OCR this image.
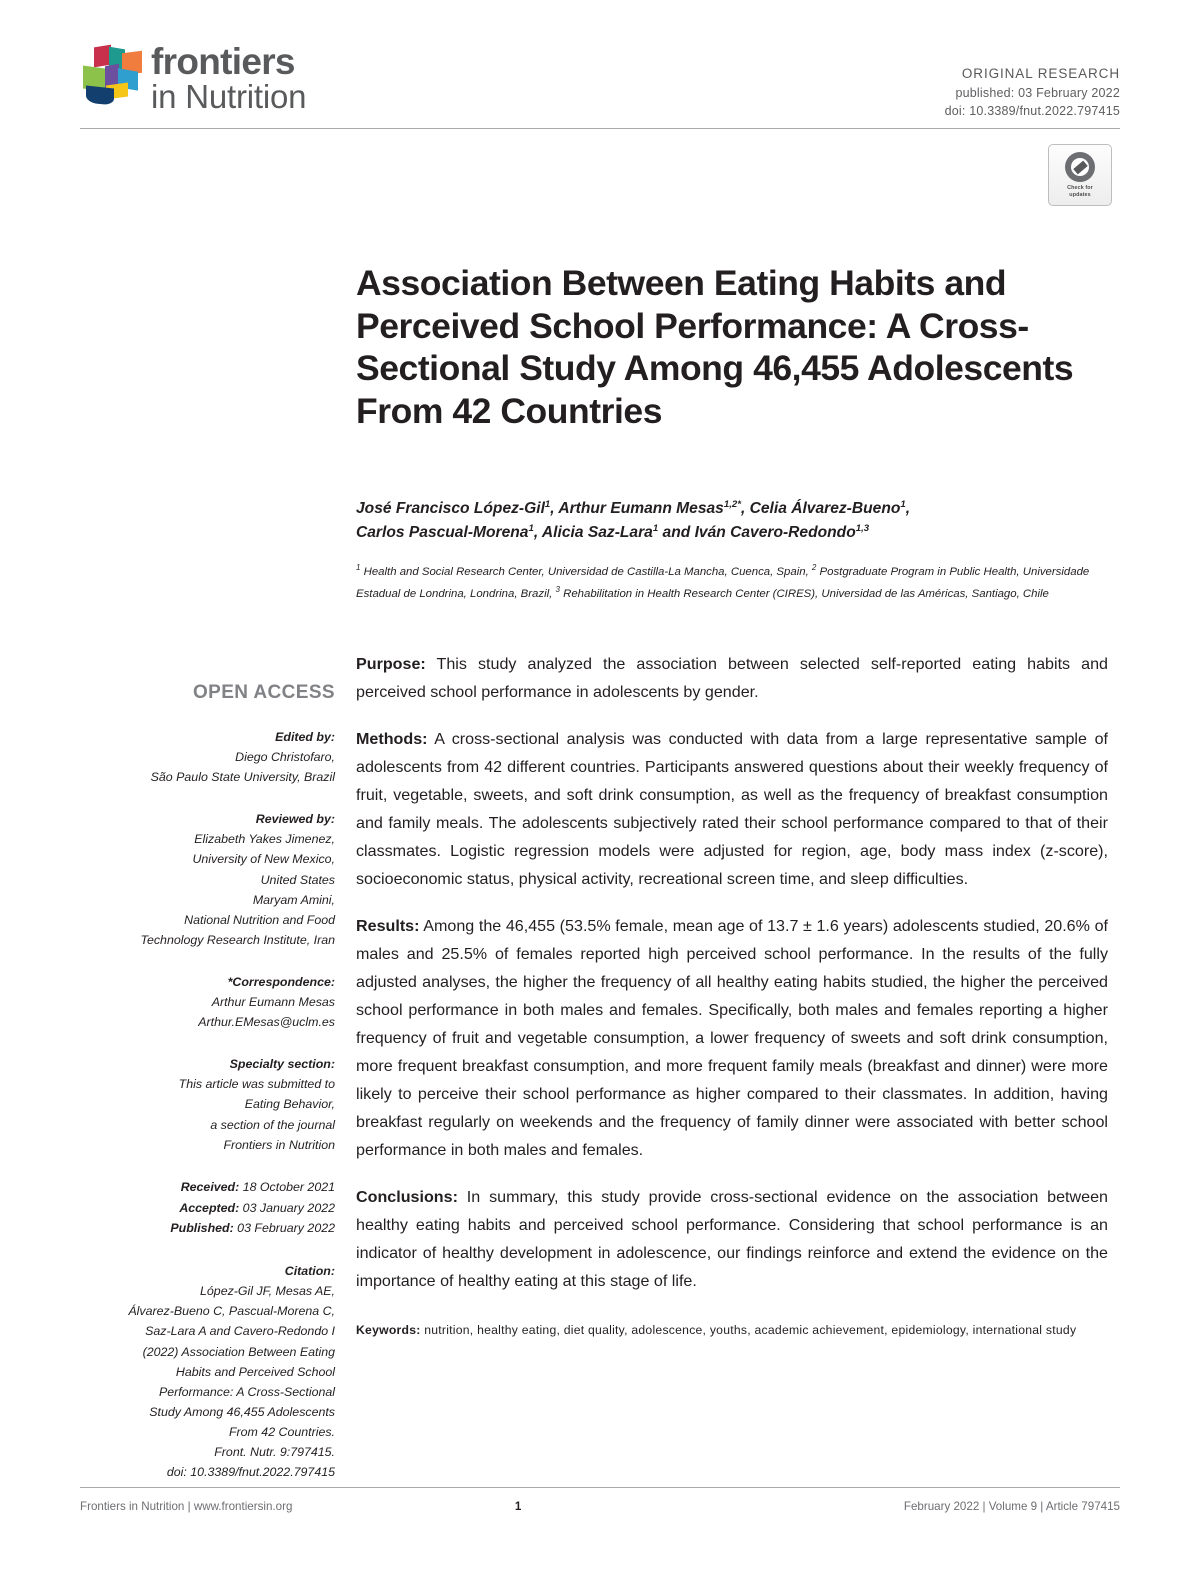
frontiers
in Nutrition
ORIGINAL RESEARCH
published: 03 February 2022
doi: 10.3389/fnut.2022.797415
Check for
updates
Association Between Eating Habits and Perceived School Performance: A Cross-Sectional Study Among 46,455 Adolescents From 42 Countries
José Francisco López-Gil$^1$, Arthur Eumann Mesas$^{1,2*}$, Celia Álvarez-Bueno$^1$,
Carlos Pascual-Morena$^1$, Alicia Saz-Lara$^1$ and Iván Cavero-Redondo$^{1,3}$
$^1$ Health and Social Research Center, Universidad de Castilla-La Mancha, Cuenca, Spain, $^2$ Postgraduate Program in Public Health, Universidade Estadual de Londrina, Londrina, Brazil, $^3$ Rehabilitation in Health Research Center (CIRES), Universidad de las Américas, Santiago, Chile
OPEN ACCESS
Edited by:
Diego Christofaro,
São Paulo State University, Brazil
Reviewed by:
Elizabeth Yakes Jimenez,
University of New Mexico,
United States
Maryam Amini,
National Nutrition and Food
Technology Research Institute, Iran
*Correspondence:
Arthur Eumann Mesas
Arthur.EMesas@uclm.es
Specialty section:
This article was submitted to
Eating Behavior,
a section of the journal
Frontiers in Nutrition
Received: 18 October 2021
Accepted: 03 January 2022
Published: 03 February 2022
Citation:
López-Gil JF, Mesas AE,
Álvarez-Bueno C, Pascual-Morena C,
Saz-Lara A and Cavero-Redondo I
(2022) Association Between Eating
Habits and Perceived School
Performance: A Cross-Sectional
Study Among 46,455 Adolescents
From 42 Countries.
Front. Nutr. 9:797415.
doi: 10.3389/fnut.2022.797415

Purpose: This study analyzed the association between selected self-reported eating habits and perceived school performance in adolescents by gender.

Methods: A cross-sectional analysis was conducted with data from a large representative sample of adolescents from 42 different countries. Participants answered questions about their weekly frequency of fruit, vegetable, sweets, and soft drink consumption, as well as the frequency of breakfast consumption and family meals. The adolescents subjectively rated their school performance compared to that of their classmates. Logistic regression models were adjusted for region, age, body mass index (z-score), socioeconomic status, physical activity, recreational screen time, and sleep difficulties.

Results: Among the 46,455 (53.5% female, mean age of 13.7 ± 1.6 years) adolescents studied, 20.6% of males and 25.5% of females reported high perceived school performance. In the results of the fully adjusted analyses, the higher the frequency of all healthy eating habits studied, the higher the perceived school performance in both males and females. Specifically, both males and females reporting a higher frequency of fruit and vegetable consumption, a lower frequency of sweets and soft drink consumption, more frequent breakfast consumption, and more frequent family meals (breakfast and dinner) were more likely to perceive their school performance as higher compared to their classmates. In addition, having breakfast regularly on weekends and the frequency of family dinner were associated with better school performance in both males and females.

Conclusions: In summary, this study provide cross-sectional evidence on the association between healthy eating habits and perceived school performance. Considering that school performance is an indicator of healthy development in adolescence, our findings reinforce and extend the evidence on the importance of healthy eating at this stage of life.

Keywords: nutrition, healthy eating, diet quality, adolescence, youths, academic achievement, epidemiology, international study
Frontiers in Nutrition | www.frontiersin.org	1	February 2022 | Volume 9 | Article 797415
